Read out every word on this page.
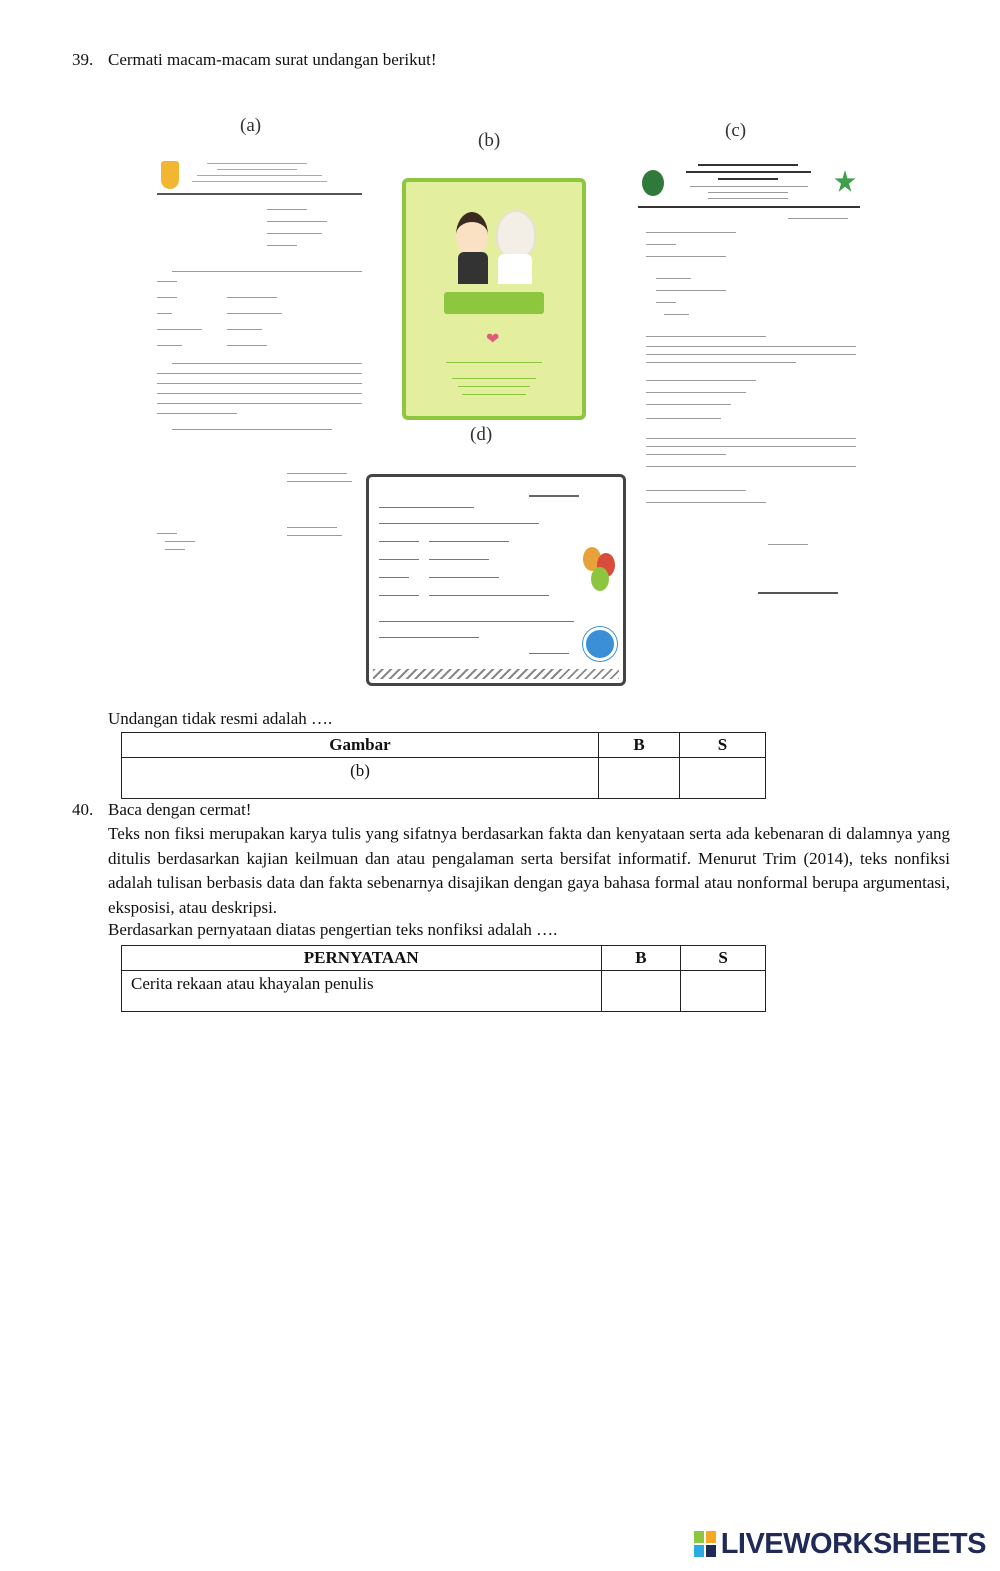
39. Cermati macam-macam surat undangan berikut!
(a)
(b)
❤
(c)
(d)
Undangan tidak resmi adalah ….
Gambar	B	S
(b)		
40. Baca dengan cermat!
Teks non fiksi merupakan karya tulis yang sifatnya berdasarkan fakta dan kenyataan serta ada kebenaran di dalamnya yang ditulis berdasarkan kajian keilmuan dan atau pengalaman serta bersifat informatif. Menurut Trim (2014), teks nonfiksi adalah tulisan berbasis data dan fakta sebenarnya disajikan dengan gaya bahasa formal atau nonformal berupa argumentasi, eksposisi, atau deskripsi.
Berdasarkan pernyataan diatas pengertian teks nonfiksi adalah ….
PERNYATAAN	B	S
Cerita rekaan atau khayalan penulis		
LIVEWORKSHEETS
